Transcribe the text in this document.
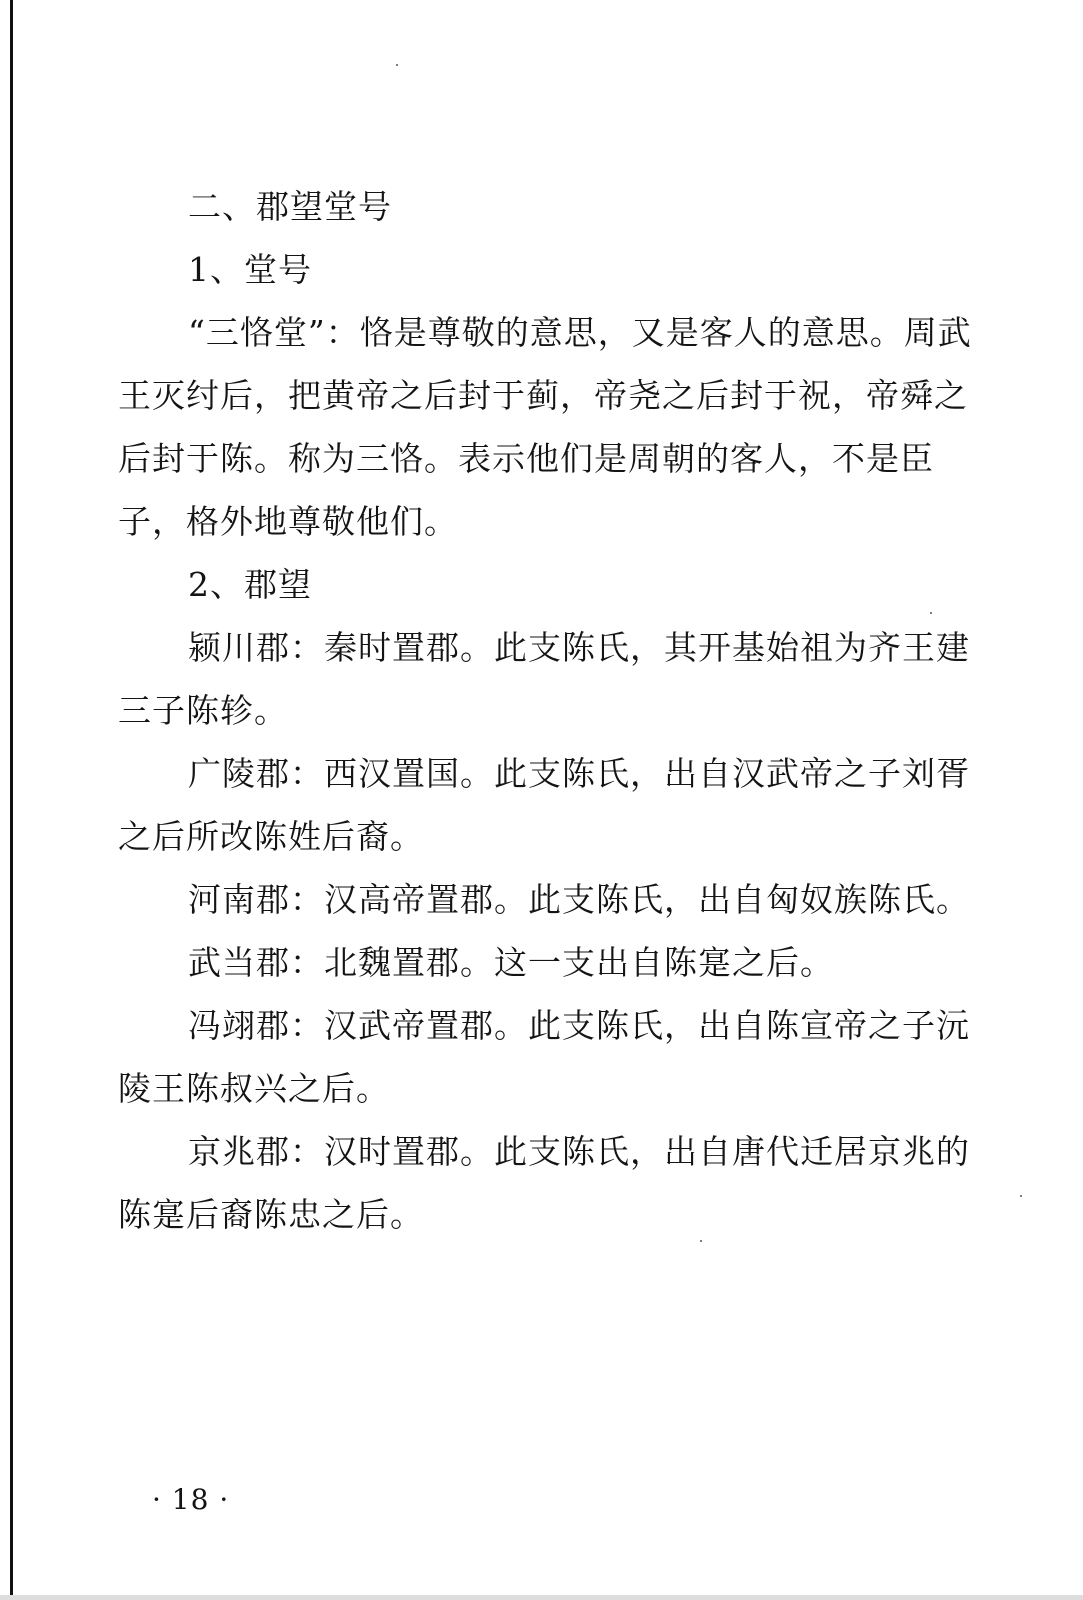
二、郡望堂号
1、堂号
“三恪堂”：恪是尊敬的意思，又是客人的意思。周武
王灭纣后，把黄帝之后封于蓟，帝尧之后封于祝，帝舜之
后封于陈。称为三恪。表示他们是周朝的客人，不是臣
子，格外地尊敬他们。
2、郡望
颍川郡：秦时置郡。此支陈氏，其开基始祖为齐王建
三子陈轸。
广陵郡：西汉置国。此支陈氏，出自汉武帝之子刘胥
之后所改陈姓后裔。
河南郡：汉高帝置郡。此支陈氏，出自匈奴族陈氏。
武当郡：北魏置郡。这一支出自陈寔之后。
冯翊郡：汉武帝置郡。此支陈氏，出自陈宣帝之子沅
陵王陈叔兴之后。
京兆郡：汉时置郡。此支陈氏，出自唐代迁居京兆的
陈寔后裔陈忠之后。
· 18 ·
